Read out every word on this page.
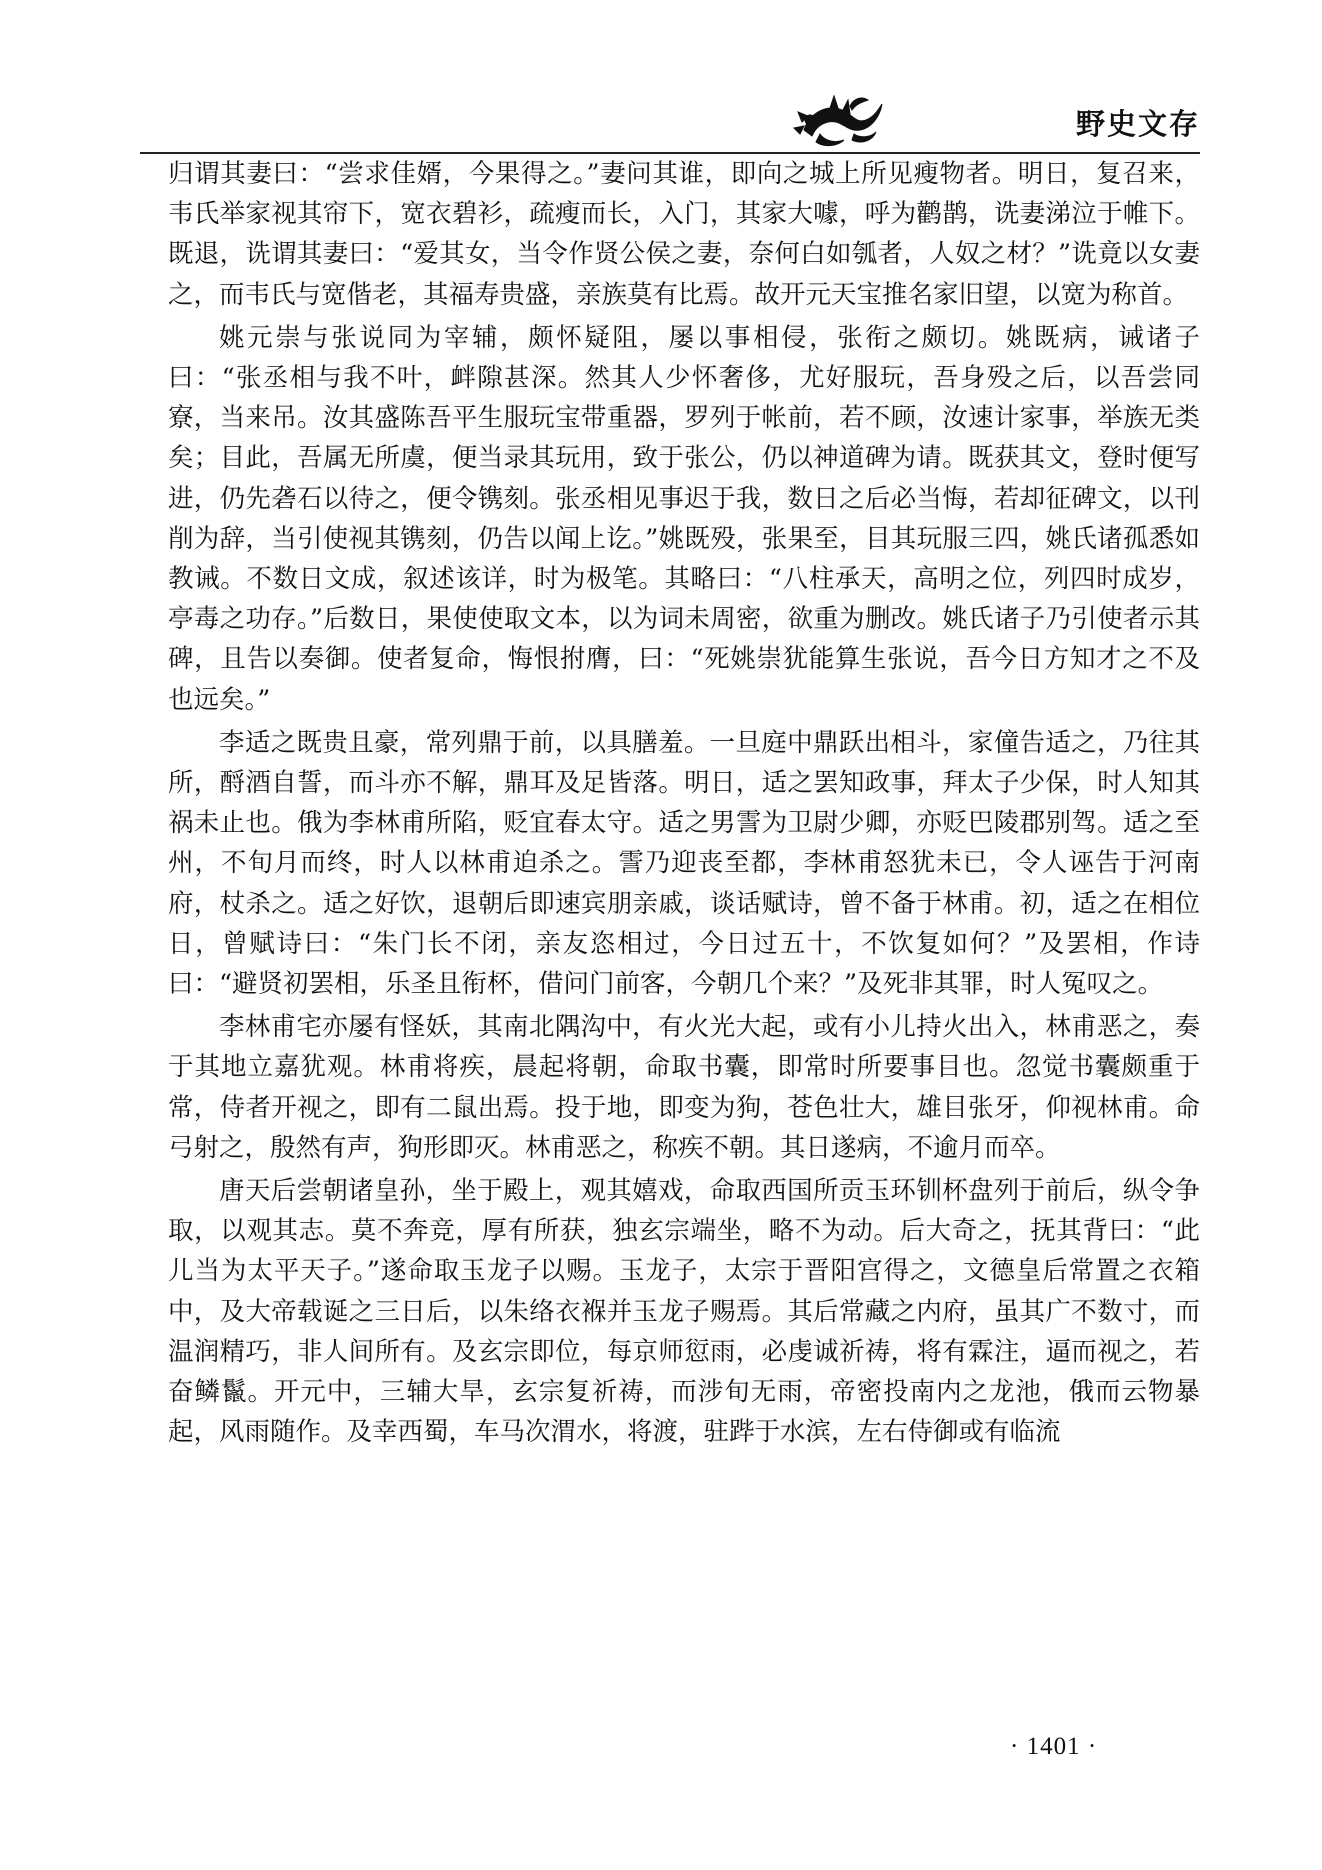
野史文存

归谓其妻曰：“尝求佳婿，今果得之。”妻问其谁，即向之城上所见瘦物者。明日，复召来，韦氏举家视其帘下，宽衣碧衫，疏瘦而长，入门，其家大噱，呼为鹳鹊，诜妻涕泣于帷下。既退，诜谓其妻曰：“爱其女，当令作贤公侯之妻，奈何白如瓠者，人奴之材？”诜竟以女妻之，而韦氏与宽偕老，其福寿贵盛，亲族莫有比焉。故开元天宝推名家旧望，以宽为称首。

姚元崇与张说同为宰辅，颇怀疑阻，屡以事相侵，张衔之颇切。姚既病，诫诸子曰：“张丞相与我不叶，衅隙甚深。然其人少怀奢侈，尤好服玩，吾身殁之后，以吾尝同寮，当来吊。汝其盛陈吾平生服玩宝带重器，罗列于帐前，若不顾，汝速计家事，举族无类矣；目此，吾属无所虞，便当录其玩用，致于张公，仍以神道碑为请。既获其文，登时便写进，仍先砻石以待之，便令镌刻。张丞相见事迟于我，数日之后必当悔，若却征碑文，以刊削为辞，当引使视其镌刻，仍告以闻上讫。”姚既殁，张果至，目其玩服三四，姚氏诸孤悉如教诫。不数日文成，叙述该详，时为极笔。其略曰：“八柱承天，高明之位，列四时成岁，亭毒之功存。”后数日，果使使取文本，以为词未周密，欲重为删改。姚氏诸子乃引使者示其碑，且告以奏御。使者复命，悔恨拊膺，曰：“死姚崇犹能算生张说，吾今日方知才之不及也远矣。”

李适之既贵且豪，常列鼎于前，以具膳羞。一旦庭中鼎跃出相斗，家僮告适之，乃往其所，酹酒自誓，而斗亦不解，鼎耳及足皆落。明日，适之罢知政事，拜太子少保，时人知其祸未止也。俄为李林甫所陷，贬宜春太守。适之男霅为卫尉少卿，亦贬巴陵郡别驾。适之至州，不旬月而终，时人以林甫迫杀之。霅乃迎丧至都，李林甫怒犹未已，令人诬告于河南府，杖杀之。适之好饮，退朝后即速宾朋亲戚，谈话赋诗，曾不备于林甫。初，适之在相位日，曾赋诗曰：“朱门长不闭，亲友恣相过，今日过五十，不饮复如何？”及罢相，作诗曰：“避贤初罢相，乐圣且衔杯，借问门前客，今朝几个来？”及死非其罪，时人冤叹之。

李林甫宅亦屡有怪妖，其南北隅沟中，有火光大起，或有小儿持火出入，林甫恶之，奏于其地立嘉犹观。林甫将疾，晨起将朝，命取书囊，即常时所要事目也。忽觉书囊颇重于常，侍者开视之，即有二鼠出焉。投于地，即变为狗，苍色壮大，雄目张牙，仰视林甫。命弓射之，殷然有声，狗形即灭。林甫恶之，称疾不朝。其日遂病，不逾月而卒。

唐天后尝朝诸皇孙，坐于殿上，观其嬉戏，命取西国所贡玉环钏杯盘列于前后，纵令争取，以观其志。莫不奔竞，厚有所获，独玄宗端坐，略不为动。后大奇之，抚其背曰：“此儿当为太平天子。”遂命取玉龙子以赐。玉龙子，太宗于晋阳宫得之，文德皇后常置之衣箱中，及大帝载诞之三日后，以朱络衣褓并玉龙子赐焉。其后常藏之内府，虽其广不数寸，而温润精巧，非人间所有。及玄宗即位，每京师愆雨，必虔诚祈祷，将有霖注，逼而视之，若奋鳞鬣。开元中，三辅大旱，玄宗复祈祷，而涉旬无雨，帝密投南内之龙池，俄而云物暴起，风雨随作。及幸西蜀，车马次渭水，将渡，驻跸于水滨，左右侍御或有临流

· 1401 ·
